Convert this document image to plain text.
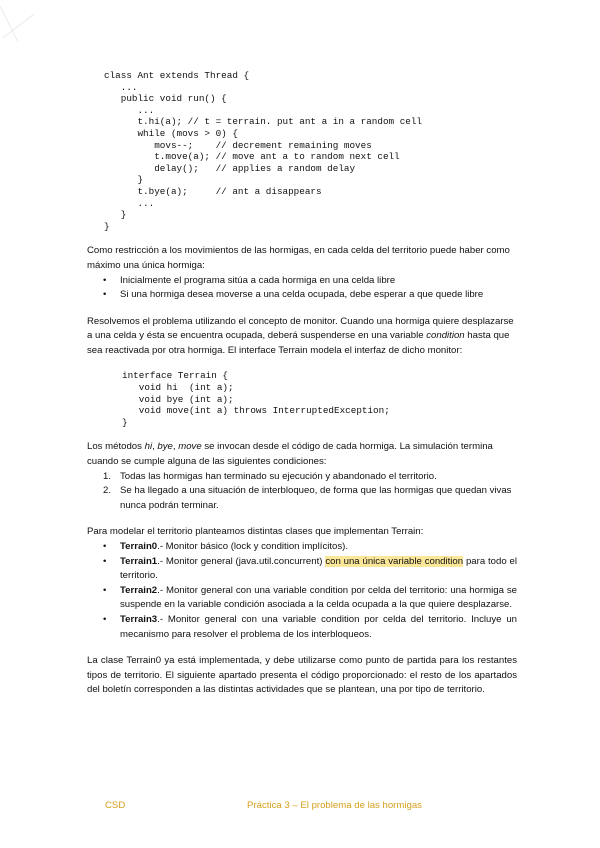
class Ant extends Thread {
...
public void run() {
...
t.hi(a); // t = terrain. put ant a in a random cell
while (movs > 0) {
movs--;    // decrement remaining moves
t.move(a); // move ant a to random next cell
delay();   // applies a random delay
}
t.bye(a);     // ant a disappears
...
}
}

Como restricción a los movimientos de las hormigas, en cada celda del territorio puede haber como máximo una única hormiga:

• Inicialmente el programa sitúa a cada hormiga en una celda libre
• Si una hormiga desea moverse a una celda ocupada, debe esperar a que quede libre

Resolvemos el problema utilizando el concepto de monitor. Cuando una hormiga quiere desplazarse a una celda y ésta se encuentra ocupada, deberá suspenderse en una variable condition hasta que sea reactivada por otra hormiga. El interface Terrain modela el interfaz de dicho monitor:

interface Terrain {
void hi  (int a);
void bye (int a);
void move(int a) throws InterruptedException;
}

Los métodos hi, bye, move se invocan desde el código de cada hormiga. La simulación termina cuando se cumple alguna de las siguientes condiciones:

1. Todas las hormigas han terminado su ejecución y abandonado el territorio.
2. Se ha llegado a una situación de interbloqueo, de forma que las hormigas que quedan vivas nunca podrán terminar.

Para modelar el territorio planteamos distintas clases que implementan Terrain:

• Terrain0.- Monitor básico (lock y condition implícitos).
• Terrain1.- Monitor general (java.util.concurrent) con una única variable condition para todo el territorio.
• Terrain2.- Monitor general con una variable condition por celda del territorio: una hormiga se suspende en la variable condición asociada a la celda ocupada a la que quiere desplazarse.
• Terrain3.- Monitor general con una variable condition por celda del territorio. Incluye un mecanismo para resolver el problema de los interbloqueos.

La clase Terrain0 ya está implementada, y debe utilizarse como punto de partida para los restantes tipos de territorio. El siguiente apartado presenta el código proporcionado: el resto de los apartados del boletín corresponden a las distintas actividades que se plantean, una por tipo de territorio.

CSD	Práctica 3 – El problema de las hormigas
